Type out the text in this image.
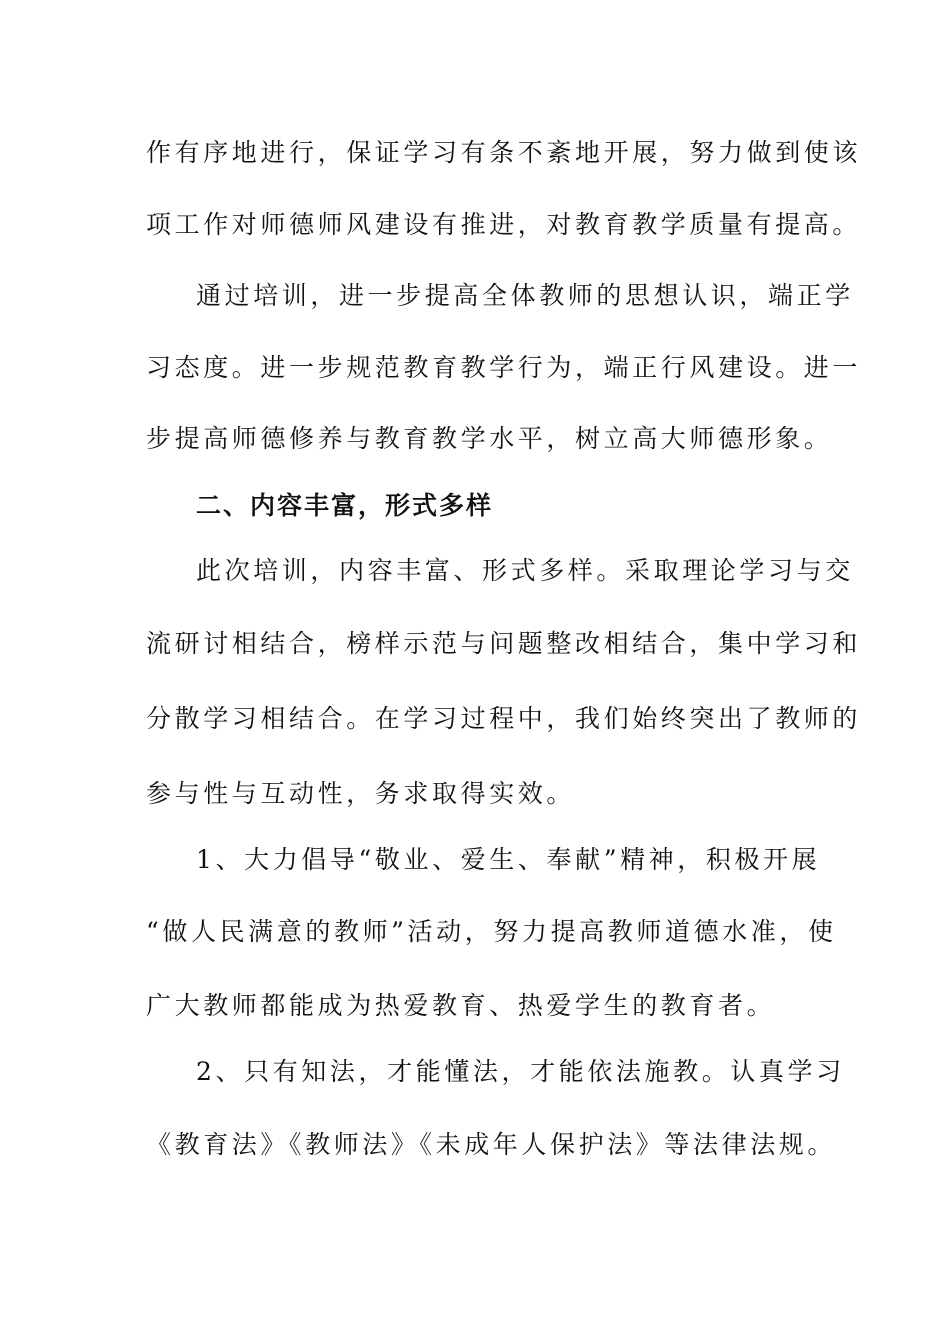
作有序地进行，保证学习有条不紊地开展，努力做到使该
项工作对师德师风建设有推进，对教育教学质量有提高。
通过培训，进一步提高全体教师的思想认识，端正学
习态度。进一步规范教育教学行为，端正行风建设。进一
步提高师德修养与教育教学水平，树立高大师德形象。
二、内容丰富，形式多样
此次培训，内容丰富、形式多样。采取理论学习与交
流研讨相结合，榜样示范与问题整改相结合，集中学习和
分散学习相结合。在学习过程中，我们始终突出了教师的
参与性与互动性，务求取得实效。
1、大力倡导“敬业、爱生、奉献”精神，积极开展
“做人民满意的教师”活动，努力提高教师道德水准，使
广大教师都能成为热爱教育、热爱学生的教育者。
2、只有知法，才能懂法，才能依法施教。认真学习
《教育法》《教师法》《未成年人保护法》等法律法规。
